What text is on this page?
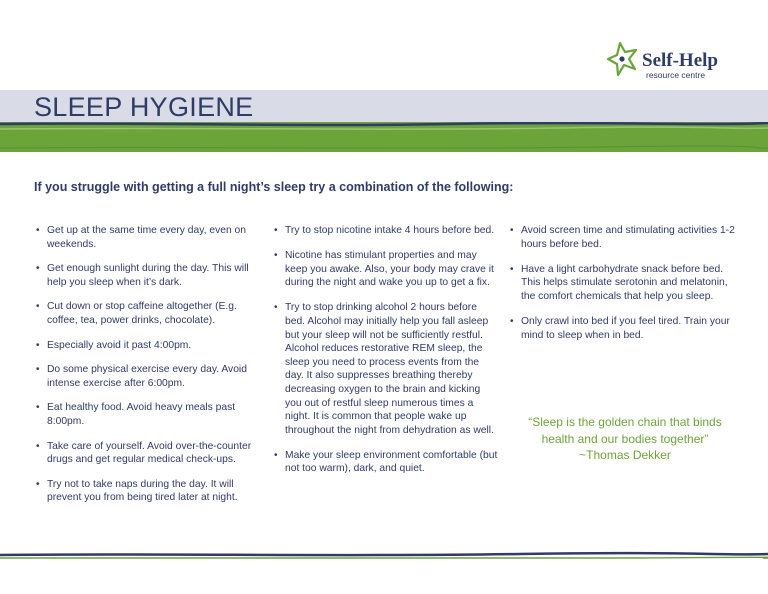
Self-Help
resource centre
SLEEP HYGIENE
If you struggle with getting a full night’s sleep try a combination of the following:
• Get up at the same time every day, even on weekends.
• Get enough sunlight during the day. This will help you sleep when it’s dark.
• Cut down or stop caffeine altogether (E.g. coffee, tea, power drinks, chocolate).
• Especially avoid it past 4:00pm.
• Do some physical exercise every day. Avoid intense exercise after 6:00pm.
• Eat healthy food. Avoid heavy meals past 8:00pm.
• Take care of yourself. Avoid over-the-counter drugs and get regular medical check-ups.
• Try not to take naps during the day. It will prevent you from being tired later at night.
• Try to stop nicotine intake 4 hours before bed.
• Nicotine has stimulant properties and may keep you awake. Also, your body may crave it during the night and wake you up to get a fix.
• Try to stop drinking alcohol 2 hours before bed. Alcohol may initially help you fall asleep but your sleep will not be sufficiently restful. Alcohol reduces restorative REM sleep, the sleep you need to process events from the day. It also suppresses breathing thereby decreasing oxygen to the brain and kicking you out of restful sleep numerous times a night. It is common that people wake up throughout the night from dehydration as well.
• Make your sleep environment comfortable (but not too warm), dark, and quiet.
• Avoid screen time and stimulating activities 1-2 hours before bed.
• Have a light carbohydrate snack before bed. This helps stimulate serotonin and melatonin, the comfort chemicals that help you sleep.
• Only crawl into bed if you feel tired. Train your mind to sleep when in bed.
“Sleep is the golden chain that binds
health and our bodies together”
~Thomas Dekker
